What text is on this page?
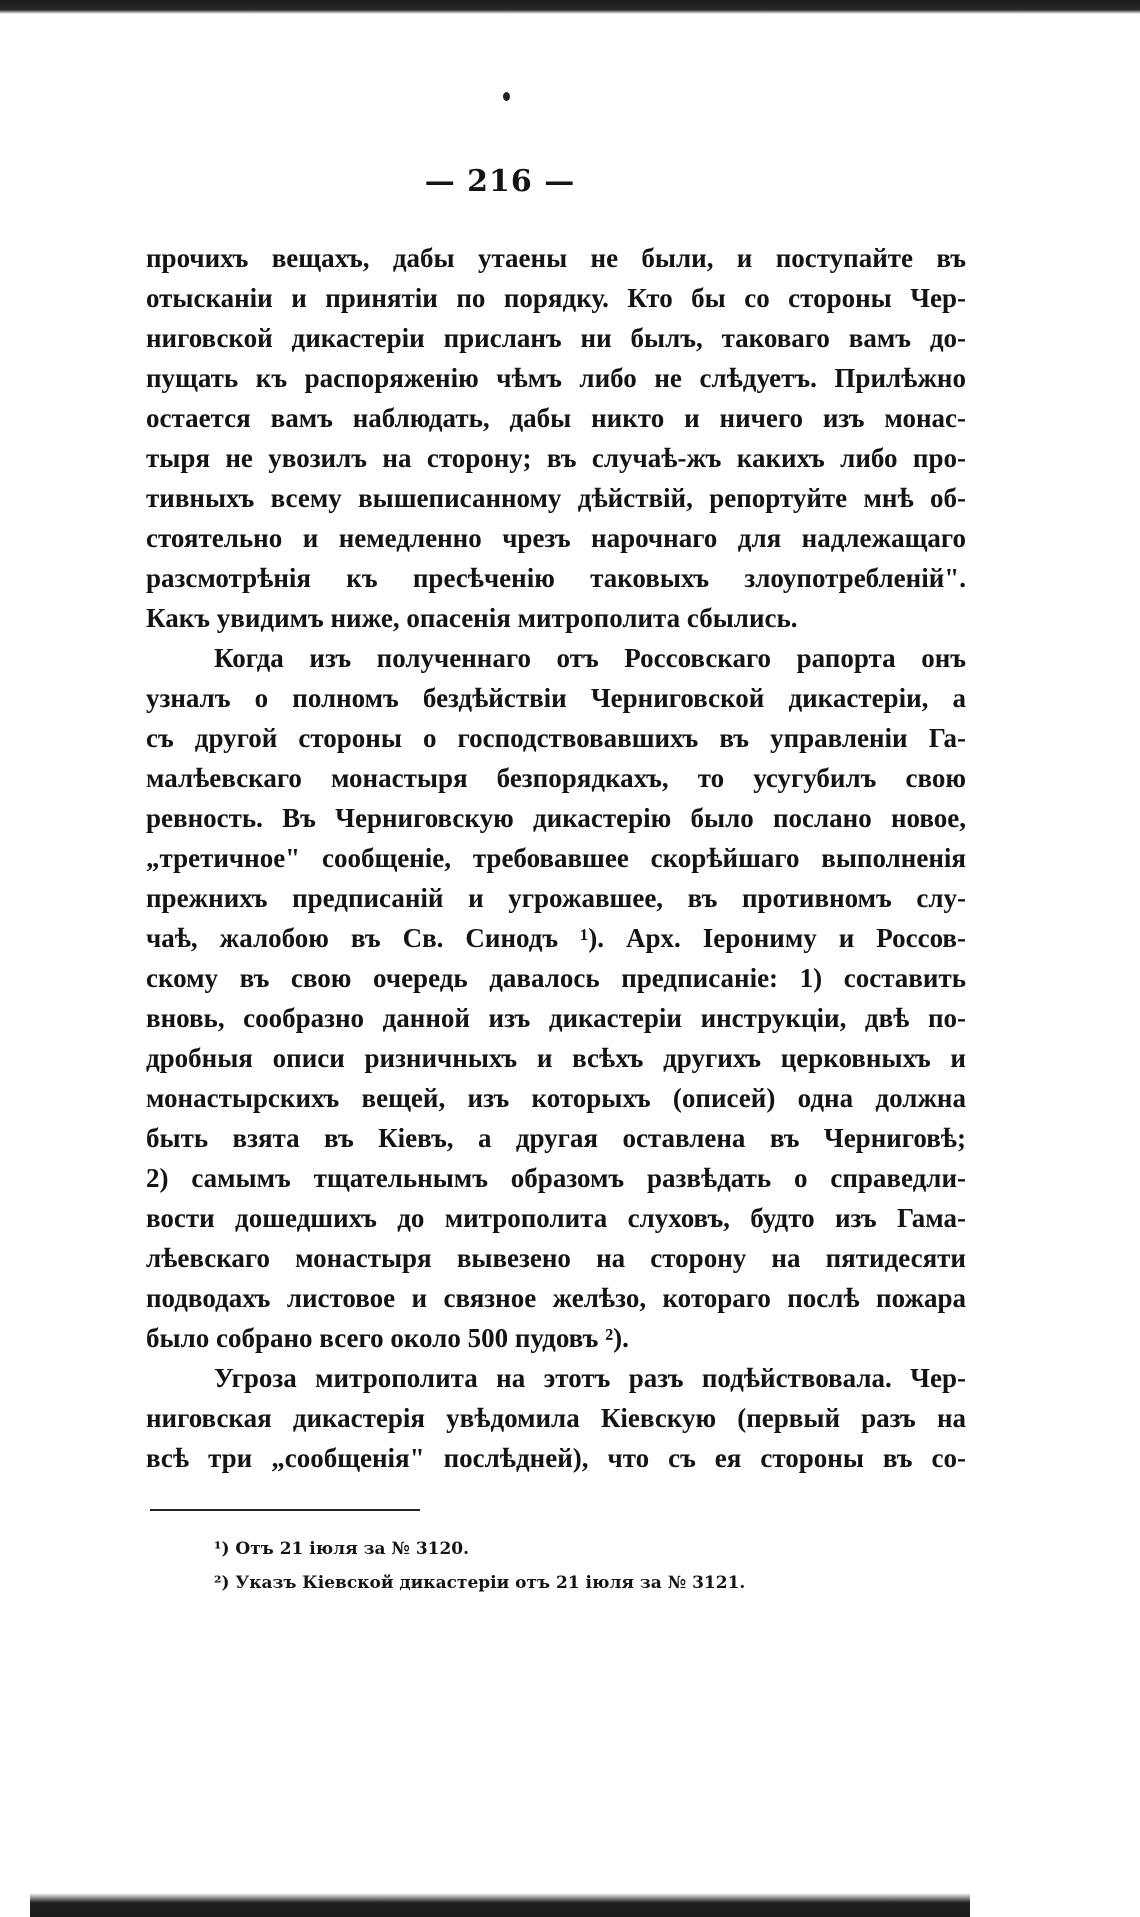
— 216 —
прочихъ вещахъ, дабы утаены не были, и поступайте въ
отысканіи и принятіи по порядку. Кто бы со стороны Чер-
ниговской дикастеріи присланъ ни былъ, таковаго вамъ до-
пущать къ распоряженію чѣмъ либо не слѣдуетъ. Прилѣжно
остается вамъ наблюдать, дабы никто и ничего изъ монас-
тыря не увозилъ на сторону; въ случаѣ-жъ какихъ либо про-
тивныхъ всему вышеписанному дѣйствій, репортуйте мнѣ об-
стоятельно и немедленно чрезъ нарочнаго для надлежащаго
разсмотрѣнія къ пресѣченію таковыхъ злоупотребленій".
Какъ увидимъ ниже, опасенія митрополита сбылись.
Когда изъ полученнаго отъ Россовскаго рапорта онъ
узналъ о полномъ бездѣйствіи Черниговской дикастеріи, а
съ другой стороны о господствовавшихъ въ управленіи Га-
малѣевскаго монастыря безпорядкахъ, то усугубилъ свою
ревность. Въ Черниговскую дикастерію было послано новое,
„третичное" сообщеніе, требовавшее скорѣйшаго выполненія
прежнихъ предписаній и угрожавшее, въ противномъ слу-
чаѣ, жалобою въ Св. Синодъ ¹). Арх. Іерониму и Россов-
скому въ свою очередь давалось предписаніе: 1) составить
вновь, сообразно данной изъ дикастеріи инструкціи, двѣ по-
дробныя описи ризничныхъ и всѣхъ другихъ церковныхъ и
монастырскихъ вещей, изъ которыхъ (описей) одна должна
быть взята въ Кіевъ, а другая оставлена въ Черниговѣ;
2) самымъ тщательнымъ образомъ развѣдать о справедли-
вости дошедшихъ до митрополита слуховъ, будто изъ Гама-
лѣевскаго монастыря вывезено на сторону на пятидесяти
подводахъ листовое и связное желѣзо, котораго послѣ пожара
было собрано всего около 500 пудовъ ²).
Угроза митрополита на этотъ разъ подѣйствовала. Чер-
ниговская дикастерія увѣдомила Кіевскую (первый разъ на
всѣ три „сообщенія" послѣдней), что съ ея стороны въ со-
¹) Отъ 21 іюля за № 3120.
²) Указъ Кіевской дикастеріи отъ 21 іюля за № 3121.
